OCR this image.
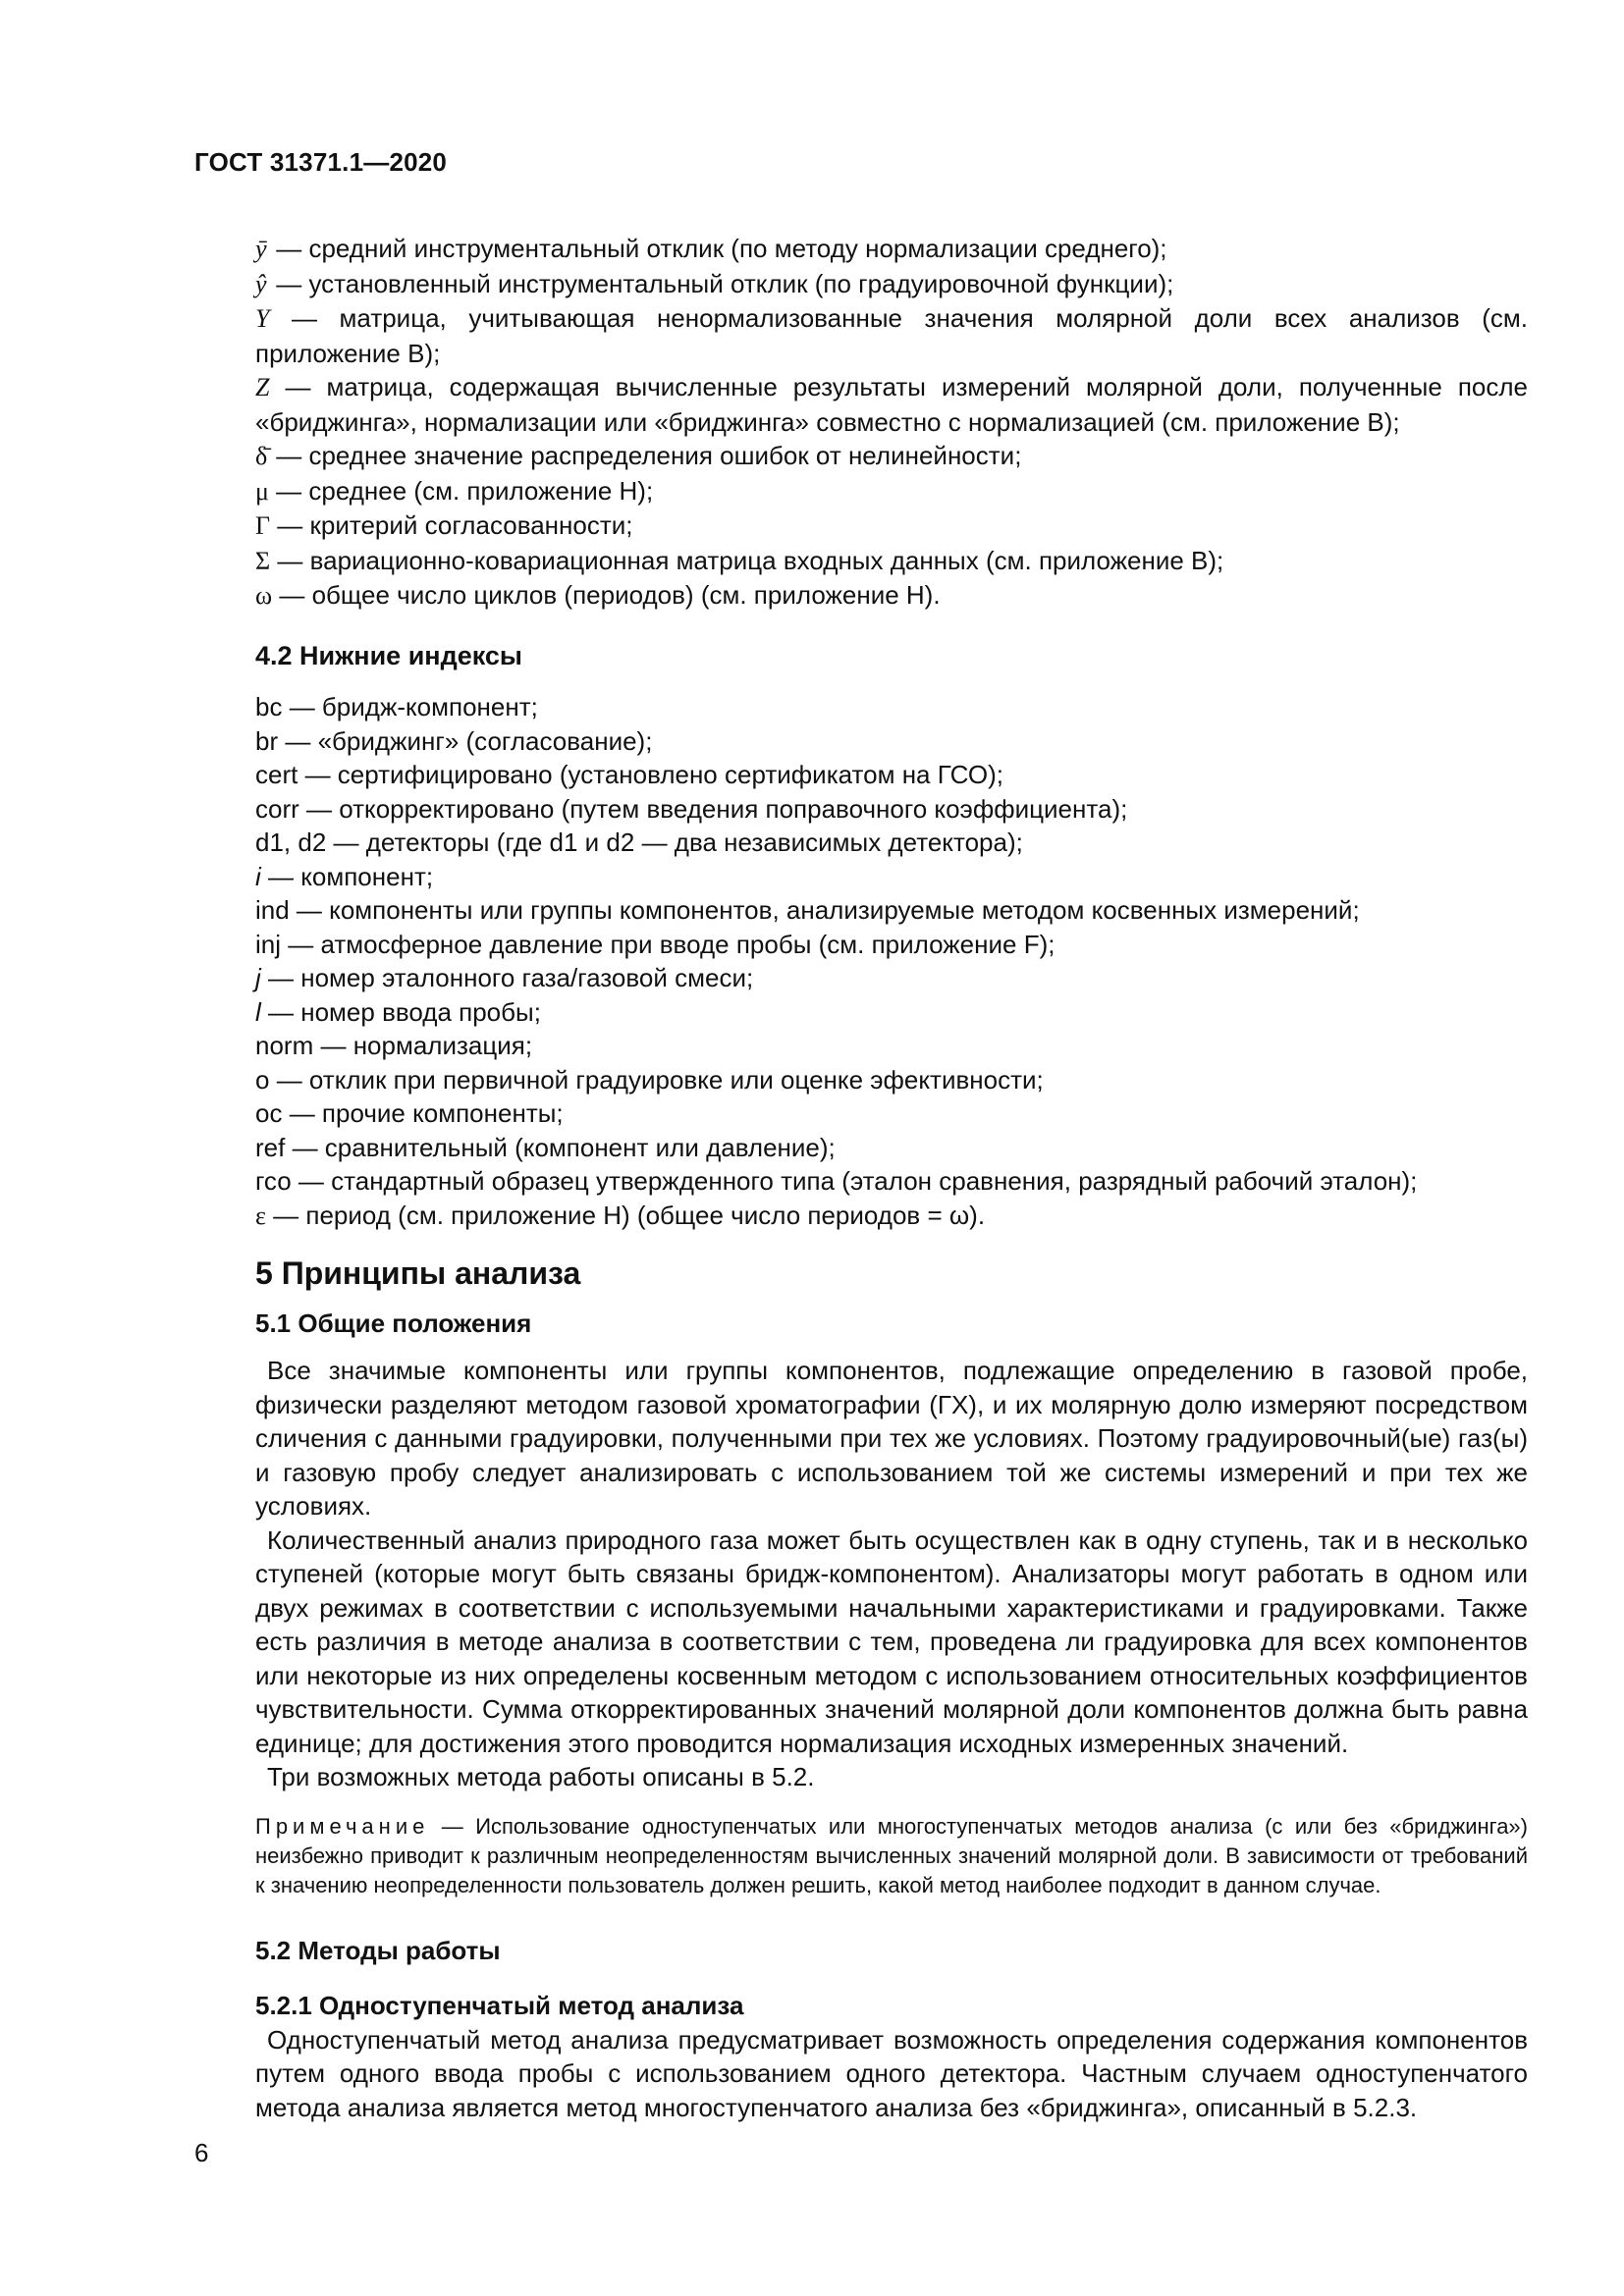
ГОСТ 31371.1—2020

ȳ — средний инструментальный отклик (по методу нормализации среднего);

ŷ — установленный инструментальный отклик (по градуировочной функции);

Y — матрица, учитывающая ненормализованные значения молярной доли всех анализов (см. приложение В);

Z — матрица, содержащая вычисленные результаты измерений молярной доли, полученные после «бриджинга», нормализации или «бриджинга» совместно с нормализацией (см. приложение В);

δ̄ — среднее значение распределения ошибок от нелинейности;

μ — среднее (см. приложение Н);

Γ — критерий согласованности;

Σ — вариационно-ковариационная матрица входных данных (см. приложение В);

ω — общее число циклов (периодов) (см. приложение Н).

4.2 Нижние индексы

bc — бридж-компонент;

br — «бриджинг» (согласование);

cert — сертифицировано (установлено сертификатом на ГСО);

corr — откорректировано (путем введения поправочного коэффициента);

d1, d2 — детекторы (где d1 и d2 — два независимых детектора);

i — компонент;

ind — компоненты или группы компонентов, анализируемые методом косвенных измерений;

inj — атмосферное давление при вводе пробы (см. приложение F);

j — номер эталонного газа/газовой смеси;

l — номер ввода пробы;

norm — нормализация;

o — отклик при первичной градуировке или оценке эфективности;

oc — прочие компоненты;

ref — сравнительный (компонент или давление);

гсо — стандартный образец утвержденного типа (эталон сравнения, разрядный рабочий эталон);

ε — период (см. приложение Н) (общее число периодов = ω).

5 Принципы анализа
5.1 Общие положения

Все значимые компоненты или группы компонентов, подлежащие определению в газовой пробе, физически разделяют методом газовой хроматографии (ГХ), и их молярную долю измеряют посредством сличения с данными градуировки, полученными при тех же условиях. Поэтому градуировочный(ые) газ(ы) и газовую пробу следует анализировать с использованием той же системы измерений и при тех же условиях.

Количественный анализ природного газа может быть осуществлен как в одну ступень, так и в несколько ступеней (которые могут быть связаны бридж-компонентом). Анализаторы могут работать в одном или двух режимах в соответствии с используемыми начальными характеристиками и градуировками. Также есть различия в методе анализа в соответствии с тем, проведена ли градуировка для всех компонентов или некоторые из них определены косвенным методом с использованием относительных коэффициентов чувствительности. Сумма откорректированных значений молярной доли компонентов должна быть равна единице; для достижения этого проводится нормализация исходных измеренных значений.

Три возможных метода работы описаны в 5.2.

Примечание — Использование одноступенчатых или многоступенчатых методов анализа (с или без «бриджинга») неизбежно приводит к различным неопределенностям вычисленных значений молярной доли. В зависимости от требований к значению неопределенности пользователь должен решить, какой метод наиболее подходит в данном случае.

5.2 Методы работы
5.2.1 Одноступенчатый метод анализа

Одноступенчатый метод анализа предусматривает возможность определения содержания компонентов путем одного ввода пробы с использованием одного детектора. Частным случаем одноступенчатого метода анализа является метод многоступенчатого анализа без «бриджинга», описанный в 5.2.3.

6
